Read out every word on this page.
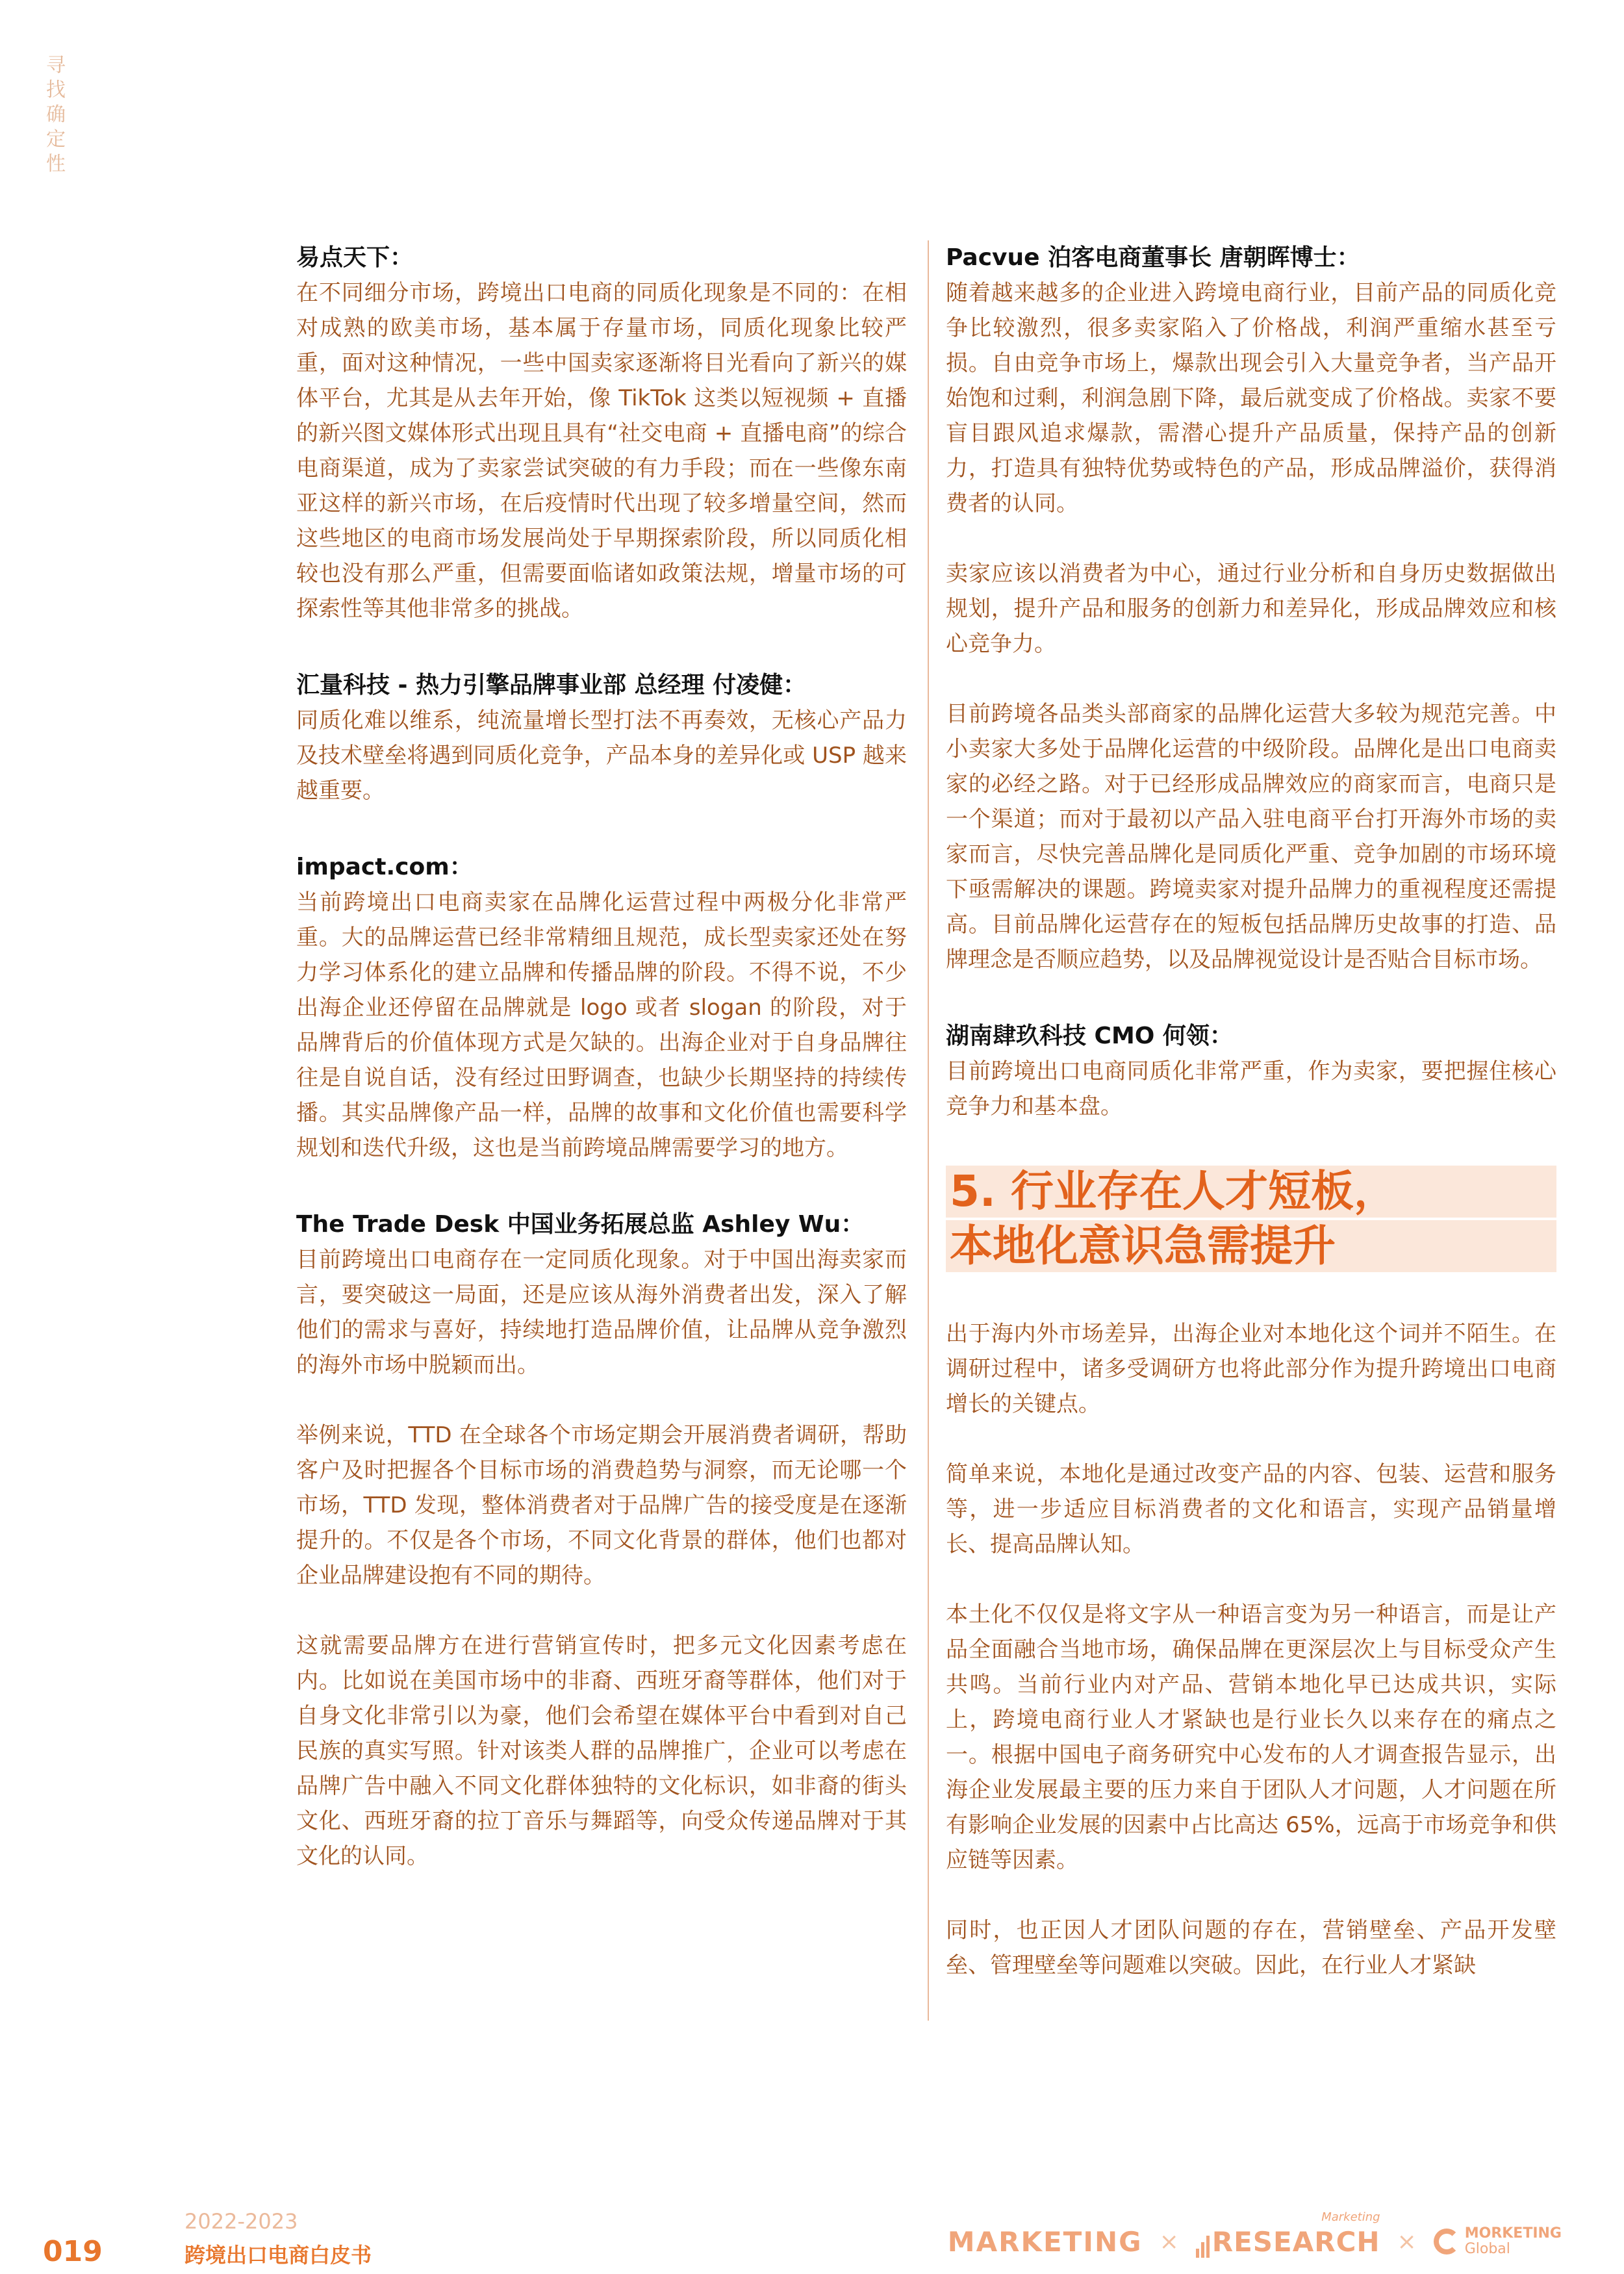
寻
找
确
定
性

易点天下：

在不同细分市场，跨境出口电商的同质化现象是不同的：在相对成熟的欧美市场，基本属于存量市场，同质化现象比较严重，面对这种情况，一些中国卖家逐渐将目光看向了新兴的媒体平台，尤其是从去年开始，像 TikTok 这类以短视频 + 直播的新兴图文媒体形式出现且具有“社交电商 + 直播电商”的综合电商渠道，成为了卖家尝试突破的有力手段；而在一些像东南亚这样的新兴市场，在后疫情时代出现了较多增量空间，然而这些地区的电商市场发展尚处于早期探索阶段，所以同质化相较也没有那么严重，但需要面临诸如政策法规，增量市场的可探索性等其他非常多的挑战。

汇量科技 - 热力引擎品牌事业部 总经理 付凌健：

同质化难以维系，纯流量增长型打法不再奏效，无核心产品力及技术壁垒将遇到同质化竞争，产品本身的差异化或 USP 越来越重要。

impact.com：

当前跨境出口电商卖家在品牌化运营过程中两极分化非常严重。大的品牌运营已经非常精细且规范，成长型卖家还处在努力学习体系化的建立品牌和传播品牌的阶段。不得不说，不少出海企业还停留在品牌就是 logo 或者 slogan 的阶段，对于品牌背后的价值体现方式是欠缺的。出海企业对于自身品牌往往是自说自话，没有经过田野调查，也缺少长期坚持的持续传播。其实品牌像产品一样，品牌的故事和文化价值也需要科学规划和迭代升级，这也是当前跨境品牌需要学习的地方。

The Trade Desk 中国业务拓展总监 Ashley Wu：

目前跨境出口电商存在一定同质化现象。对于中国出海卖家而言，要突破这一局面，还是应该从海外消费者出发，深入了解他们的需求与喜好，持续地打造品牌价值，让品牌从竞争激烈的海外市场中脱颖而出。

举例来说，TTD 在全球各个市场定期会开展消费者调研，帮助客户及时把握各个目标市场的消费趋势与洞察，而无论哪一个市场，TTD 发现，整体消费者对于品牌广告的接受度是在逐渐提升的。不仅是各个市场，不同文化背景的群体，他们也都对企业品牌建设抱有不同的期待。

这就需要品牌方在进行营销宣传时，把多元文化因素考虑在内。比如说在美国市场中的非裔、西班牙裔等群体，他们对于自身文化非常引以为豪，他们会希望在媒体平台中看到对自己民族的真实写照。针对该类人群的品牌推广，企业可以考虑在品牌广告中融入不同文化群体独特的文化标识，如非裔的街头文化、西班牙裔的拉丁音乐与舞蹈等，向受众传递品牌对于其文化的认同。

Pacvue 泊客电商董事长 唐朝晖博士：

随着越来越多的企业进入跨境电商行业，目前产品的同质化竞争比较激烈，很多卖家陷入了价格战，利润严重缩水甚至亏损。自由竞争市场上，爆款出现会引入大量竞争者，当产品开始饱和过剩，利润急剧下降，最后就变成了价格战。卖家不要盲目跟风追求爆款，需潜心提升产品质量，保持产品的创新力，打造具有独特优势或特色的产品，形成品牌溢价，获得消费者的认同。

卖家应该以消费者为中心，通过行业分析和自身历史数据做出规划，提升产品和服务的创新力和差异化，形成品牌效应和核心竞争力。

目前跨境各品类头部商家的品牌化运营大多较为规范完善。中小卖家大多处于品牌化运营的中级阶段。品牌化是出口电商卖家的必经之路。对于已经形成品牌效应的商家而言，电商只是一个渠道；而对于最初以产品入驻电商平台打开海外市场的卖家而言，尽快完善品牌化是同质化严重、竞争加剧的市场环境下亟需解决的课题。跨境卖家对提升品牌力的重视程度还需提高。目前品牌化运营存在的短板包括品牌历史故事的打造、品牌理念是否顺应趋势，以及品牌视觉设计是否贴合目标市场。

湖南肆玖科技 CMO 何领：

目前跨境出口电商同质化非常严重，作为卖家，要把握住核心竞争力和基本盘。

5. 行业存在人才短板，
本地化意识急需提升

出于海内外市场差异，出海企业对本地化这个词并不陌生。在调研过程中，诸多受调研方也将此部分作为提升跨境出口电商增长的关键点。

简单来说，本地化是通过改变产品的内容、包装、运营和服务等，进一步适应目标消费者的文化和语言，实现产品销量增长、提高品牌认知。

本土化不仅仅是将文字从一种语言变为另一种语言，而是让产品全面融合当地市场，确保品牌在更深层次上与目标受众产生共鸣。当前行业内对产品、营销本地化早已达成共识，实际上，跨境电商行业人才紧缺也是行业长久以来存在的痛点之一。根据中国电子商务研究中心发布的人才调查报告显示，出海企业发展最主要的压力来自于团队人才问题，人才问题在所有影响企业发展的因素中占比高达 65%，远高于市场竞争和供应链等因素。

同时，也正因人才团队问题的存在，营销壁垒、产品开发壁垒、管理壁垒等问题难以突破。因此，在行业人才紧缺

019
2022-2023
跨境出口电商白皮书	MARKETING × RESEARCH
Marketing
×	MORKETING
Global
